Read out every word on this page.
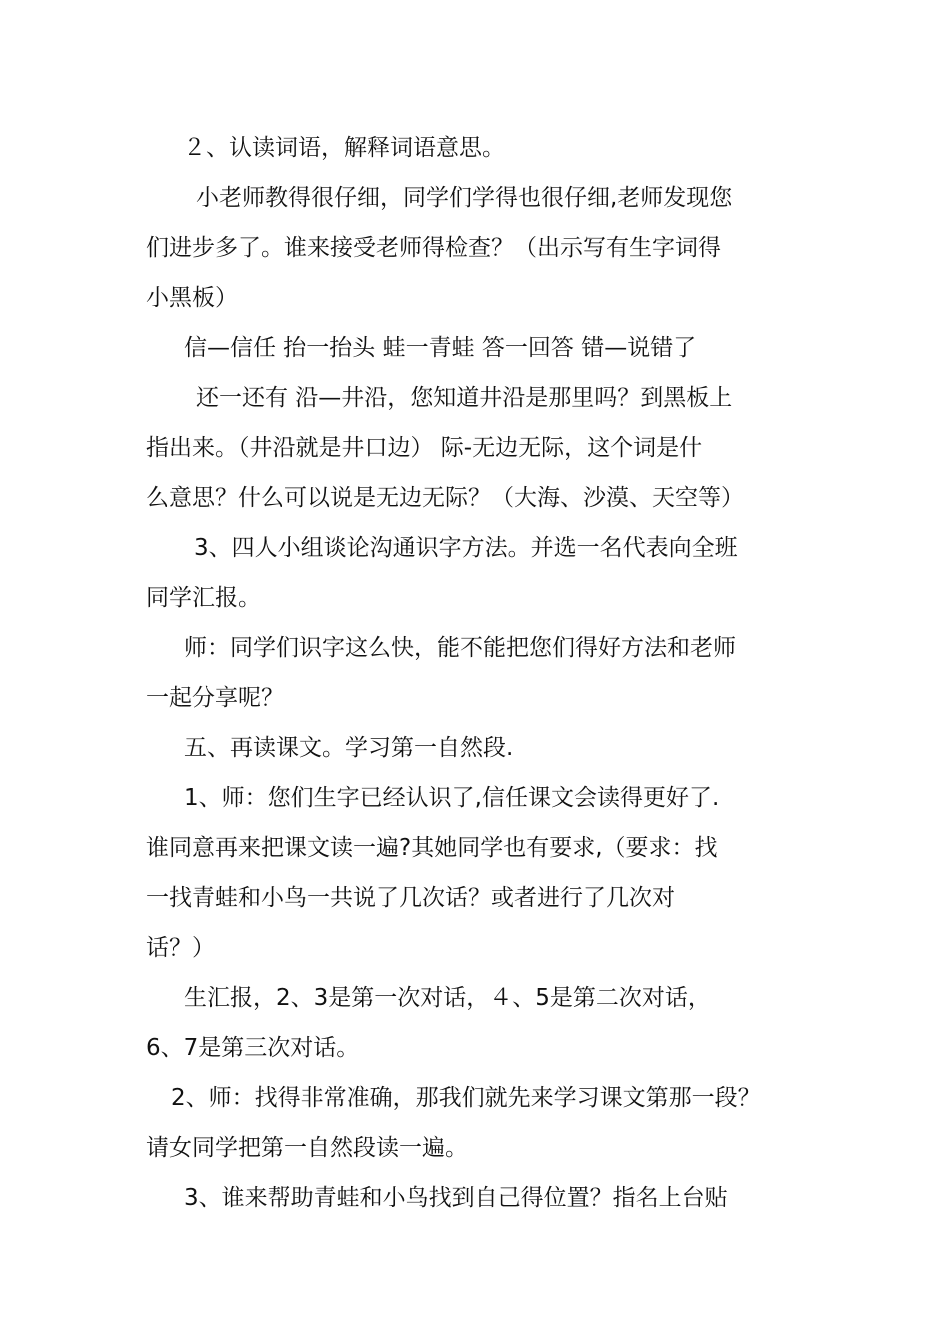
２、认读词语，解释词语意思。
小老师教得很仔细，同学们学得也很仔细,老师发现您
们进步多了。谁来接受老师得检查？（出示写有生字词得
小黑板）
信—信任 抬一抬头 蛙一青蛙 答一回答 错—说错了
还一还有 沿—井沿，您知道井沿是那里吗？到黑板上
指出来。（井沿就是井口边） 际-无边无际，这个词是什
么意思？什么可以说是无边无际？（大海、沙漠、天空等）
3、四人小组谈论沟通识字方法。并选一名代表向全班
同学汇报。
师：同学们识字这么快，能不能把您们得好方法和老师
一起分享呢？
五、再读课文。学习第一自然段.
1、师：您们生字已经认识了,信任课文会读得更好了.
谁同意再来把课文读一遍?其她同学也有要求,（要求：找
一找青蛙和小鸟一共说了几次话？或者进行了几次对
话？）
生汇报，2、3是第一次对话，４、5是第二次对话，
6、7是第三次对话。
2、师：找得非常准确，那我们就先来学习课文第那一段？
请女同学把第一自然段读一遍。
3、谁来帮助青蛙和小鸟找到自己得位置？指名上台贴
